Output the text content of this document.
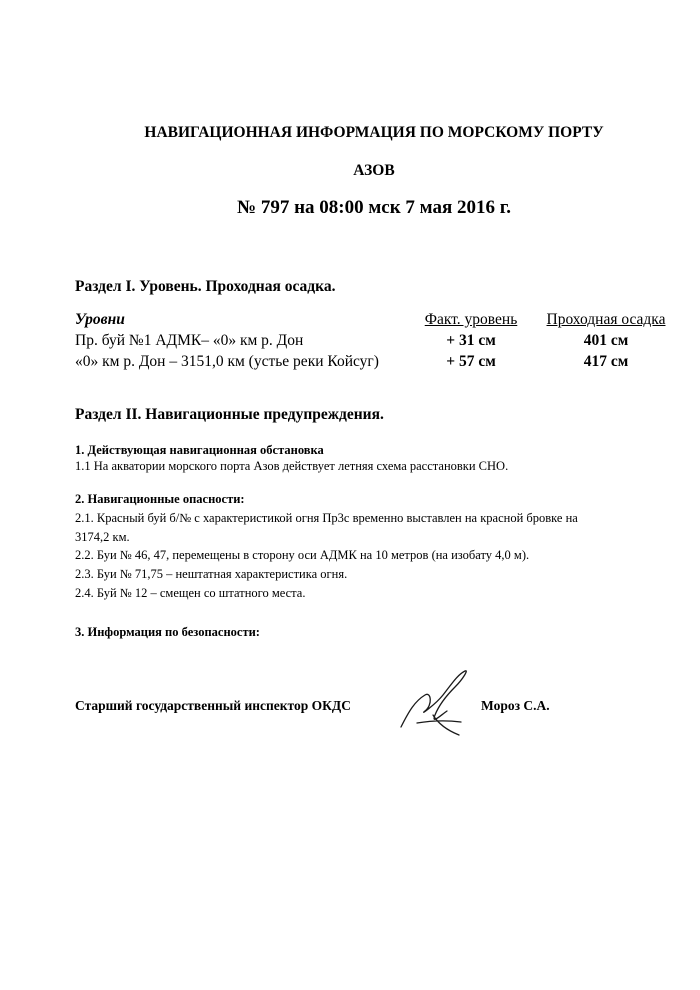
НАВИГАЦИОННАЯ ИНФОРМАЦИЯ ПО МОРСКОМУ ПОРТУ
АЗОВ
№ 797 на 08:00 мск 7 мая 2016 г.
Раздел I. Уровень. Проходная осадка.
Уровни	Факт. уровень	Проходная осадка
Пр. буй №1 АДМК– «0» км р. Дон	+ 31 см	401 см
«0» км р. Дон – 3151,0 км (устье реки Койсуг)	+ 57 см	417 см
Раздел II. Навигационные предупреждения.
1. Действующая навигационная обстановка
1.1 На акватории морского порта Азов действует летняя схема расстановки СНО.
2. Навигационные опасности:
2.1. Красный буй б/№ с характеристикой огня Пр3с временно выставлен на красной бровке на
3174,2 км.
2.2. Буи № 46, 47, перемещены в сторону оси АДМК на 10 метров (на изобату 4,0 м).
2.3. Буи № 71,75 – нештатная характеристика огня.
2.4. Буй № 12 – смещен со штатного места.
3. Информация по безопасности:
Старший государственный инспектор ОКДС	Мороз С.А.
